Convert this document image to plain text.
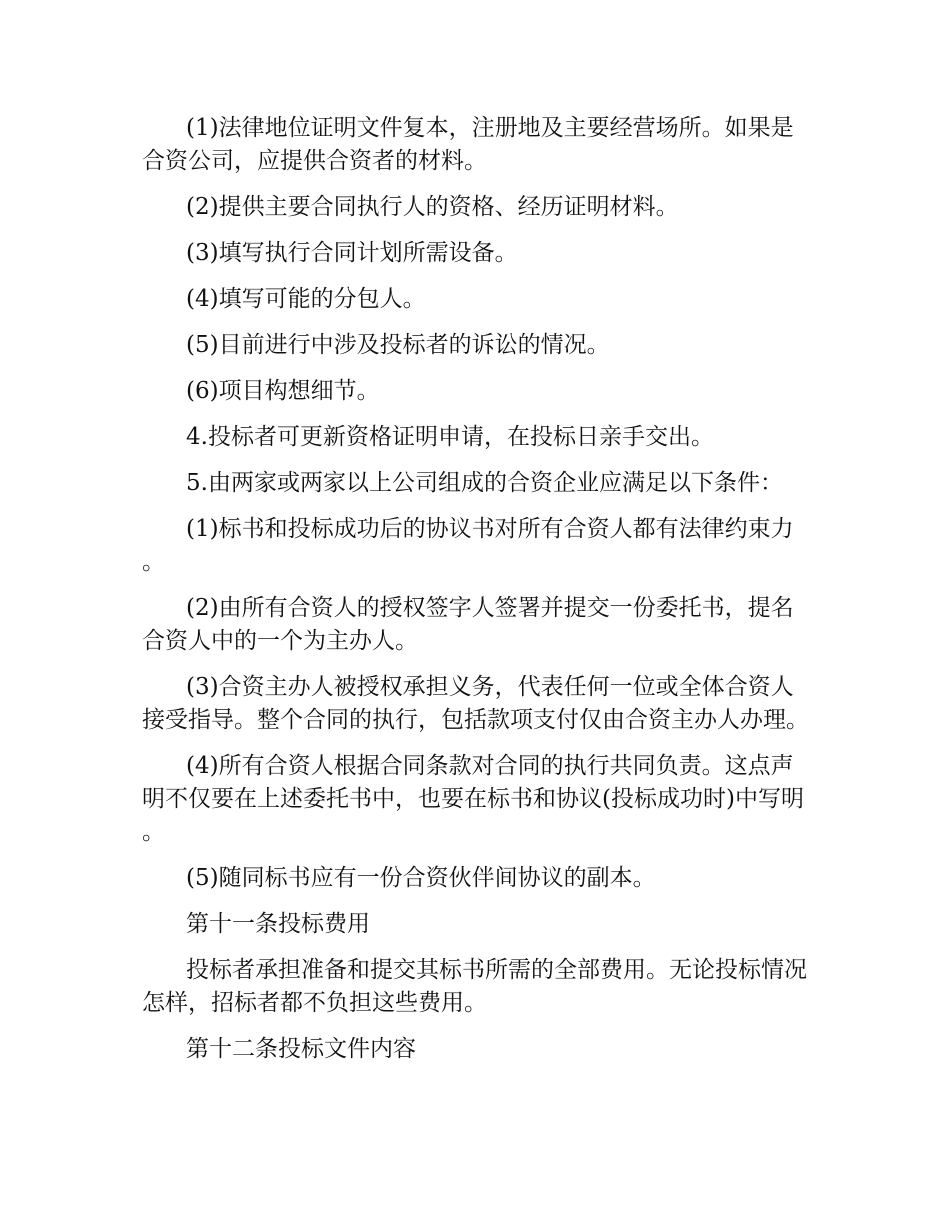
(1)法律地位证明文件复本，注册地及主要经营场所。如果是合资公司，应提供合资者的材料。

(2)提供主要合同执行人的资格、经历证明材料。

(3)填写执行合同计划所需设备。

(4)填写可能的分包人。

(5)目前进行中涉及投标者的诉讼的情况。

(6)项目构想细节。

4.投标者可更新资格证明申请，在投标日亲手交出。

5.由两家或两家以上公司组成的合资企业应满足以下条件：

(1)标书和投标成功后的协议书对所有合资人都有法律约束力。

(2)由所有合资人的授权签字人签署并提交一份委托书，提名合资人中的一个为主办人。

(3)合资主办人被授权承担义务，代表任何一位或全体合资人接受指导。整个合同的执行，包括款项支付仅由合资主办人办理。

(4)所有合资人根据合同条款对合同的执行共同负责。这点声明不仅要在上述委托书中，也要在标书和协议(投标成功时)中写明。

(5)随同标书应有一份合资伙伴间协议的副本。

第十一条投标费用

投标者承担准备和提交其标书所需的全部费用。无论投标情况怎样，招标者都不负担这些费用。

第十二条投标文件内容
